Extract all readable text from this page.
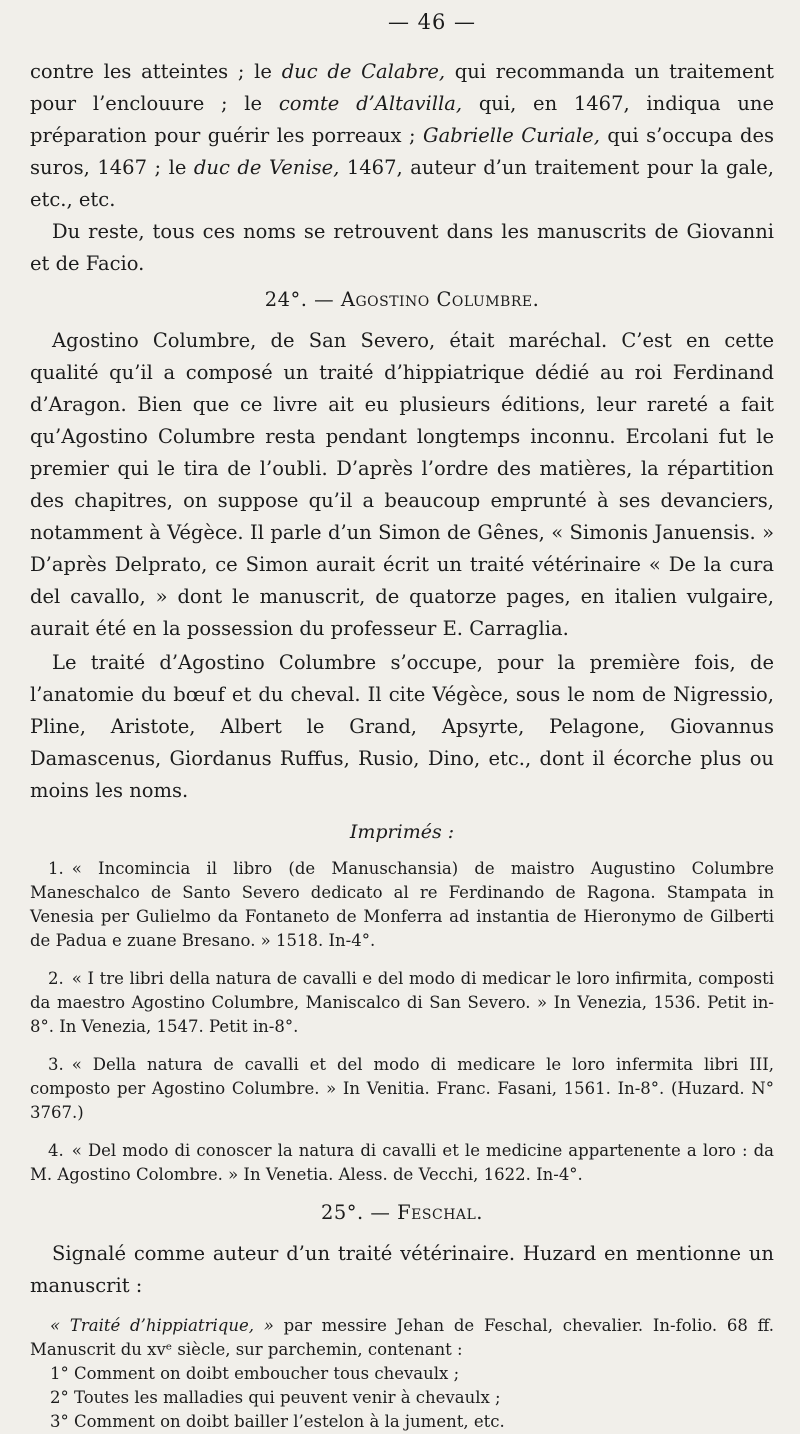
— 46 —

contre les atteintes ; le duc de Calabre, qui recommanda un traitement pour l’enclouure ; le comte d’Altavilla, qui, en 1467, indiqua une préparation pour guérir les porreaux ; Gabrielle Curiale, qui s’occupa des suros, 1467 ; le duc de Venise, 1467, auteur d’un traitement pour la gale, etc., etc.

Du reste, tous ces noms se retrouvent dans les manuscrits de Giovanni et de Facio.

24°. — Agostino Columbre.

Agostino Columbre, de San Severo, était maréchal. C’est en cette qualité qu’il a composé un traité d’hippiatrique dédié au roi Ferdinand d’Aragon. Bien que ce livre ait eu plusieurs éditions, leur rareté a fait qu’Agostino Columbre resta pendant longtemps inconnu. Ercolani fut le premier qui le tira de l’oubli. D’après l’ordre des matières, la répartition des chapitres, on suppose qu’il a beaucoup emprunté à ses devanciers, notamment à Végèce. Il parle d’un Simon de Gênes, « Simonis Januensis. » D’après Delprato, ce Simon aurait écrit un traité vétérinaire « De la cura del cavallo, » dont le manuscrit, de quatorze pages, en italien vulgaire, aurait été en la possession du professeur E. Carraglia.

Le traité d’Agostino Columbre s’occupe, pour la première fois, de l’anatomie du bœuf et du cheval. Il cite Végèce, sous le nom de Nigressio, Pline, Aristote, Albert le Grand, Apsyrte, Pelagone, Giovannus Damascenus, Giordanus Ruffus, Rusio, Dino, etc., dont il écorche plus ou moins les noms.

Imprimés :
1. « Incomincia il libro (de Manuschansia) de maistro Augustino Columbre Maneschalco de Santo Severo dedicato al re Ferdinando de Ragona. Stampata in Venesia per Gulielmo da Fontaneto de Monferra ad instantia de Hieronymo de Gilberti de Padua e zuane Bresano. » 1518. In-4°.
2. « I tre libri della natura de cavalli e del modo di medicar le loro infirmita, composti da maestro Agostino Columbre, Maniscalco di San Severo. » In Venezia, 1536. Petit in-8°. In Venezia, 1547. Petit in-8°.
3. « Della natura de cavalli et del modo di medicare le loro infermita libri III, composto per Agostino Columbre. » In Venitia. Franc. Fasani, 1561. In-8°. (Huzard. N° 3767.)
4. « Del modo di conoscer la natura di cavalli et le medicine appartenente a loro : da M. Agostino Colombre. » In Venetia. Aless. de Vecchi, 1622. In-4°.
25°. — Feschal.

Signalé comme auteur d’un traité vétérinaire. Huzard en mentionne un manuscrit :

« Traité d’hippiatrique, » par messire Jehan de Feschal, chevalier. In-folio. 68 ff. Manuscrit du xvᵉ siècle, sur parchemin, contenant :

1° Comment on doibt emboucher tous chevaulx ;

2° Toutes les malladies qui peuvent venir à chevaulx ;

3° Comment on doibt bailler l’estelon à la jument, etc.
